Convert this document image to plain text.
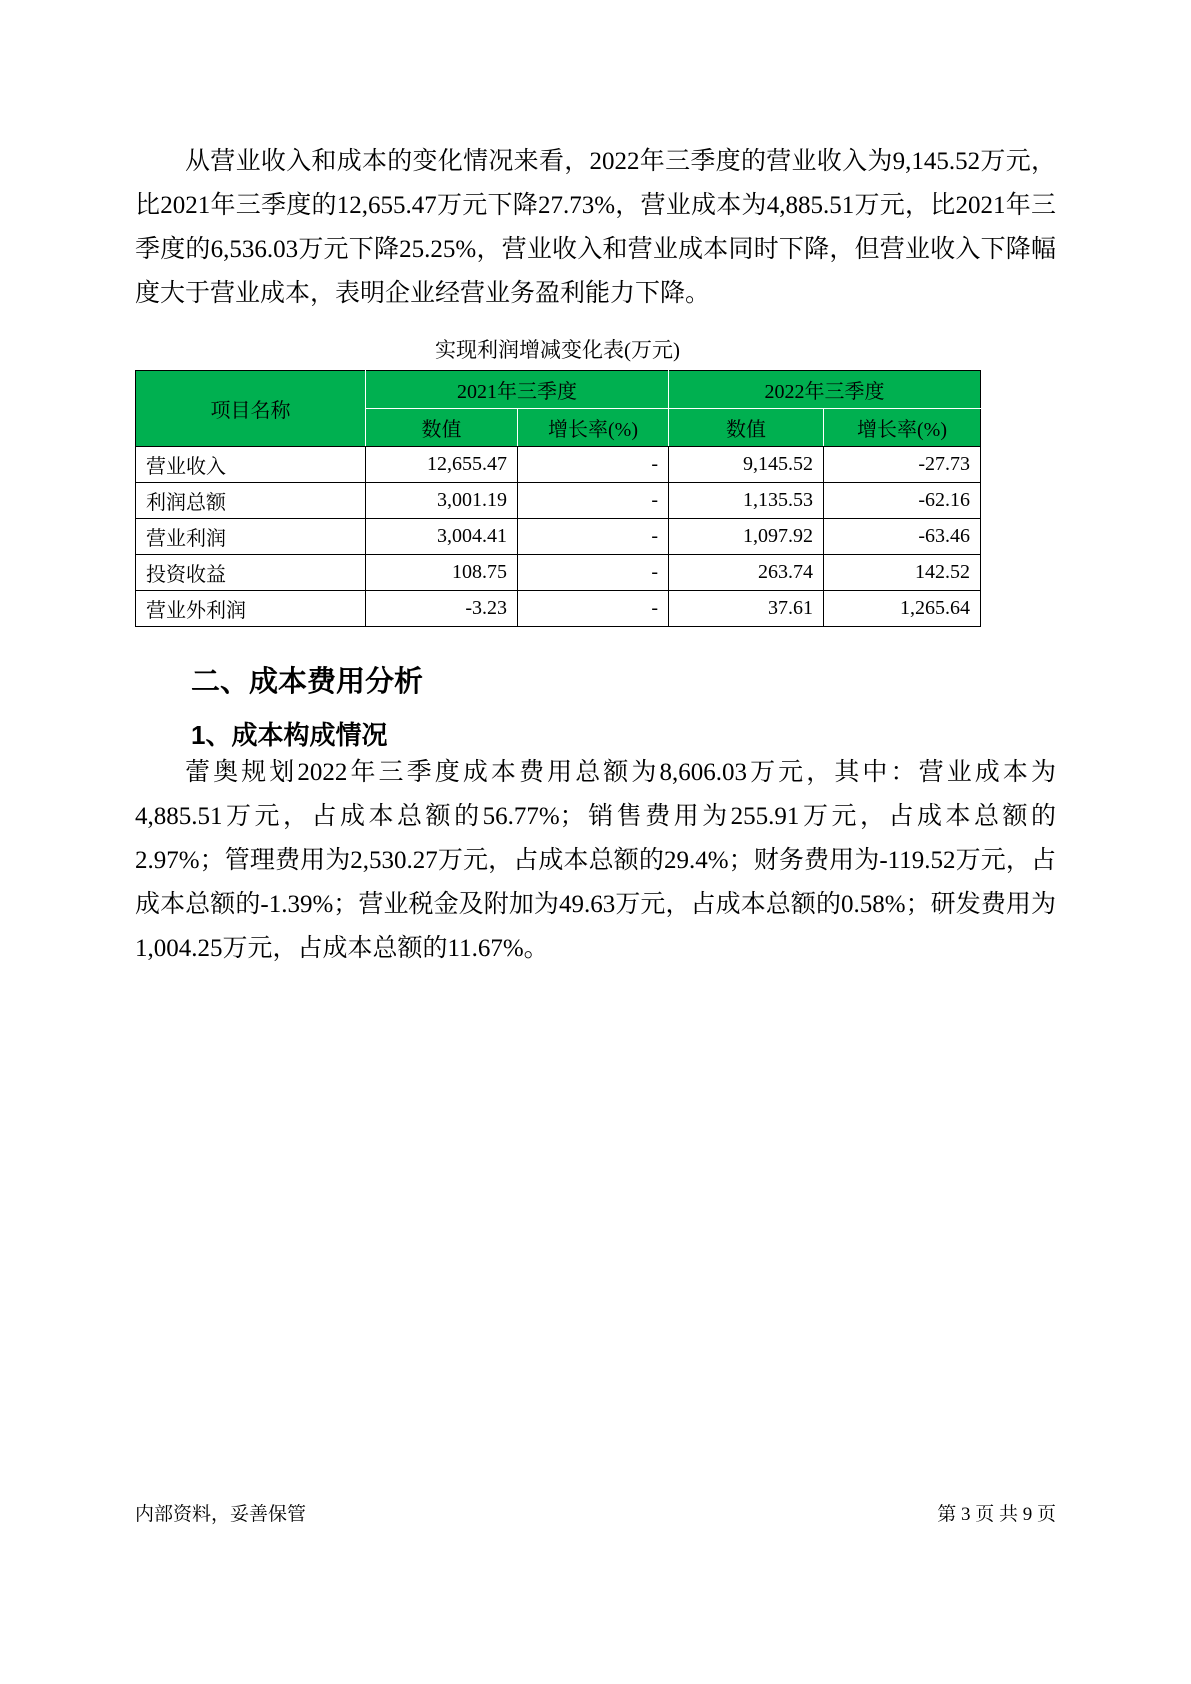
从营业收入和成本的变化情况来看，2022年三季度的营业收入为9,145.52万元，比2021年三季度的12,655.47万元下降27.73%，营业成本为4,885.51万元，比2021年三季度的6,536.03万元下降25.25%，营业收入和营业成本同时下降，但营业收入下降幅度大于营业成本，表明企业经营业务盈利能力下降。

实现利润增减变化表(万元)
项目名称	2021年三季度		2022年三季度	
	数值	增长率(%)	数值	增长率(%)
营业收入	12,655.47	-	9,145.52	-27.73
利润总额	3,001.19	-	1,135.53	-62.16
营业利润	3,004.41	-	1,097.92	-63.46
投资收益	108.75	-	263.74	142.52
营业外利润	-3.23	-	37.61	1,265.64
二、成本费用分析
1、成本构成情况

蕾奥规划2022年三季度成本费用总额为8,606.03万元，其中：营业成本为4,885.51万元，占成本总额的56.77%；销售费用为255.91万元，占成本总额的2.97%；管理费用为2,530.27万元，占成本总额的29.4%；财务费用为-119.52万元，占成本总额的-1.39%；营业税金及附加为49.63万元，占成本总额的0.58%；研发费用为1,004.25万元，占成本总额的11.67%。

内部资料，妥善保管	第 3 页 共 9 页
